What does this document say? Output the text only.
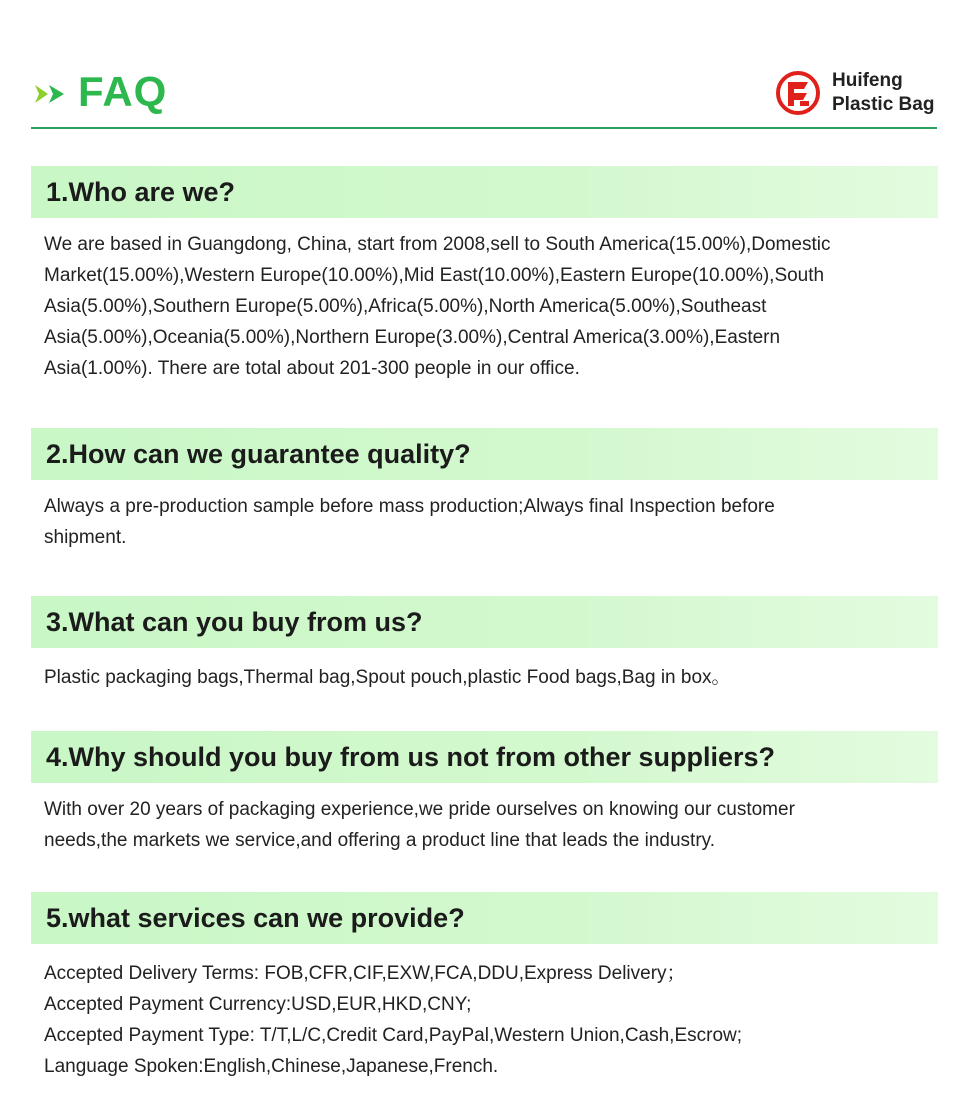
FAQ	Huifeng
Plastic Bag
1.Who are we?
We are based in Guangdong, China, start from 2008,sell to South America(15.00%),Domestic
Market(15.00%),Western Europe(10.00%),Mid East(10.00%),Eastern Europe(10.00%),South
Asia(5.00%),Southern Europe(5.00%),Africa(5.00%),North America(5.00%),Southeast
Asia(5.00%),Oceania(5.00%),Northern Europe(3.00%),Central America(3.00%),Eastern
Asia(1.00%). There are total about 201-300 people in our office.
2.How can we guarantee quality?
Always a pre-production sample before mass production;Always final Inspection before
shipment.
3.What can you buy from us?
Plastic packaging bags,Thermal bag,Spout pouch,plastic Food bags,Bag in box。
4.Why should you buy from us not from other suppliers?
With over 20 years of packaging experience,we pride ourselves on knowing our customer
needs,the markets we service,and offering a product line that leads the industry.
5.what services can we provide?
Accepted Delivery Terms: FOB,CFR,CIF,EXW,FCA,DDU,Express Delivery；
Accepted Payment Currency:USD,EUR,HKD,CNY;
Accepted Payment Type: T/T,L/C,Credit Card,PayPal,Western Union,Cash,Escrow;
Language Spoken:English,Chinese,Japanese,French.
